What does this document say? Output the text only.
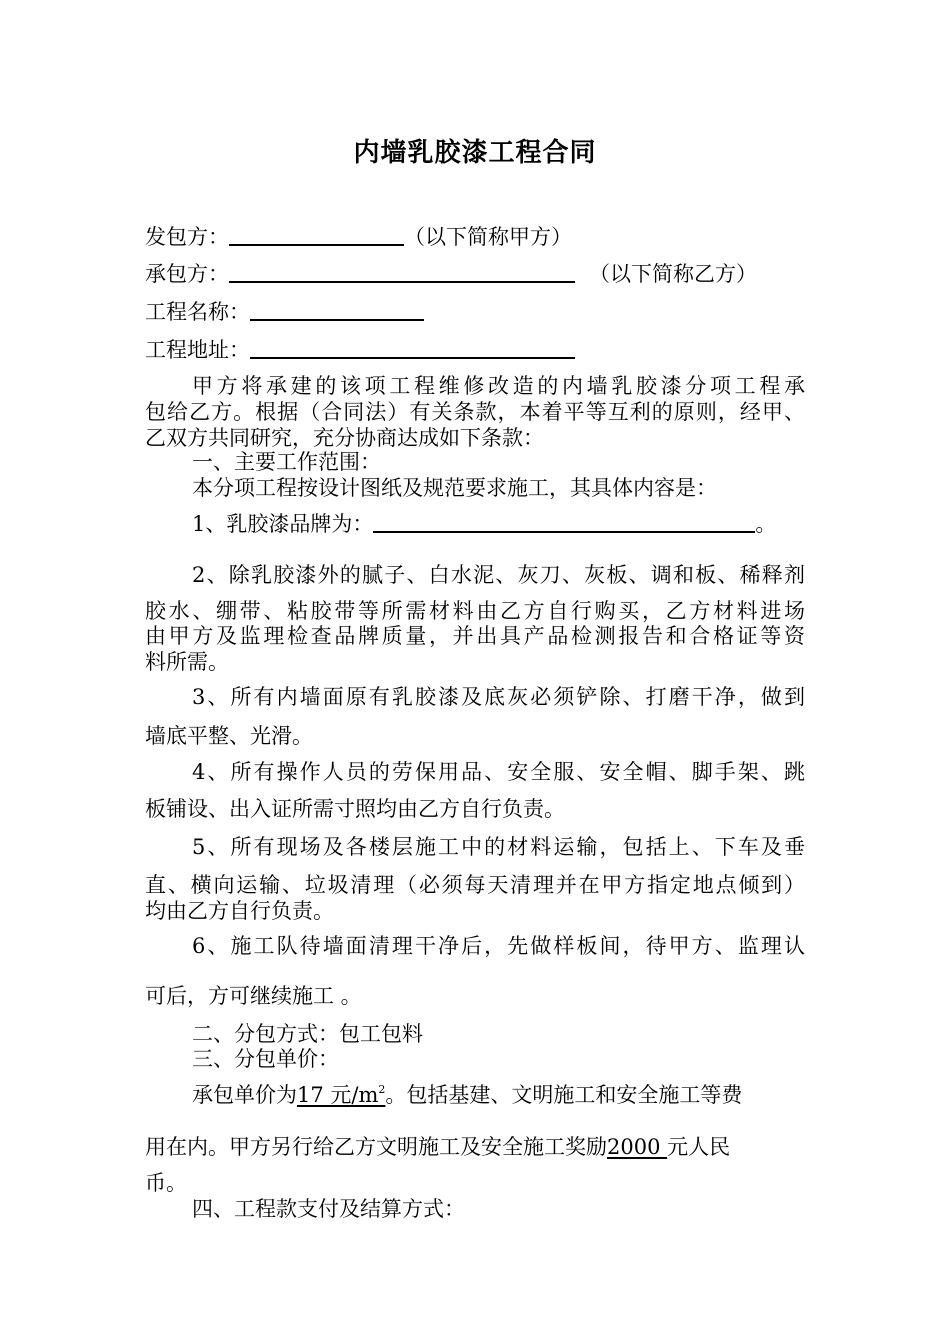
内墙乳胶漆工程合同
发包方：	（以下简称甲方）
承包方：	（以下简称乙方）
工程名称：
工程地址：
甲方将承建的该项工程维修改造的内墙乳胶漆分项工程承
包给乙方。根据（合同法）有关条款，本着平等互利的原则，经甲、
乙双方共同研究，充分协商达成如下条款：
一、主要工作范围：
本分项工程按设计图纸及规范要求施工，其具体内容是：
1、乳胶漆品牌为：	。
2、除乳胶漆外的腻子、白水泥、灰刀、灰板、调和板、稀释剂
胶水、绷带、粘胶带等所需材料由乙方自行购买，乙方材料进场
由甲方及监理检查品牌质量，并出具产品检测报告和合格证等资
料所需。
3、所有内墙面原有乳胶漆及底灰必须铲除、打磨干净，做到
墙底平整、光滑。
4、所有操作人员的劳保用品、安全服、安全帽、脚手架、跳
板铺设、出入证所需寸照均由乙方自行负责。
5、所有现场及各楼层施工中的材料运输，包括上、下车及垂
直、横向运输、垃圾清理（必须每天清理并在甲方指定地点倾到）
均由乙方自行负责。
6、施工队待墙面清理干净后，先做样板间，待甲方、监理认
可后，方可继续施工 。
二、分包方式：包工包料
三、分包单价：
承包单价为17 元$/m^2$。包括基建、文明施工和安全施工等费
用在内。甲方另行给乙方文明施工及安全施工奖励2000 元人民
币。
四、工程款支付及结算方式：
